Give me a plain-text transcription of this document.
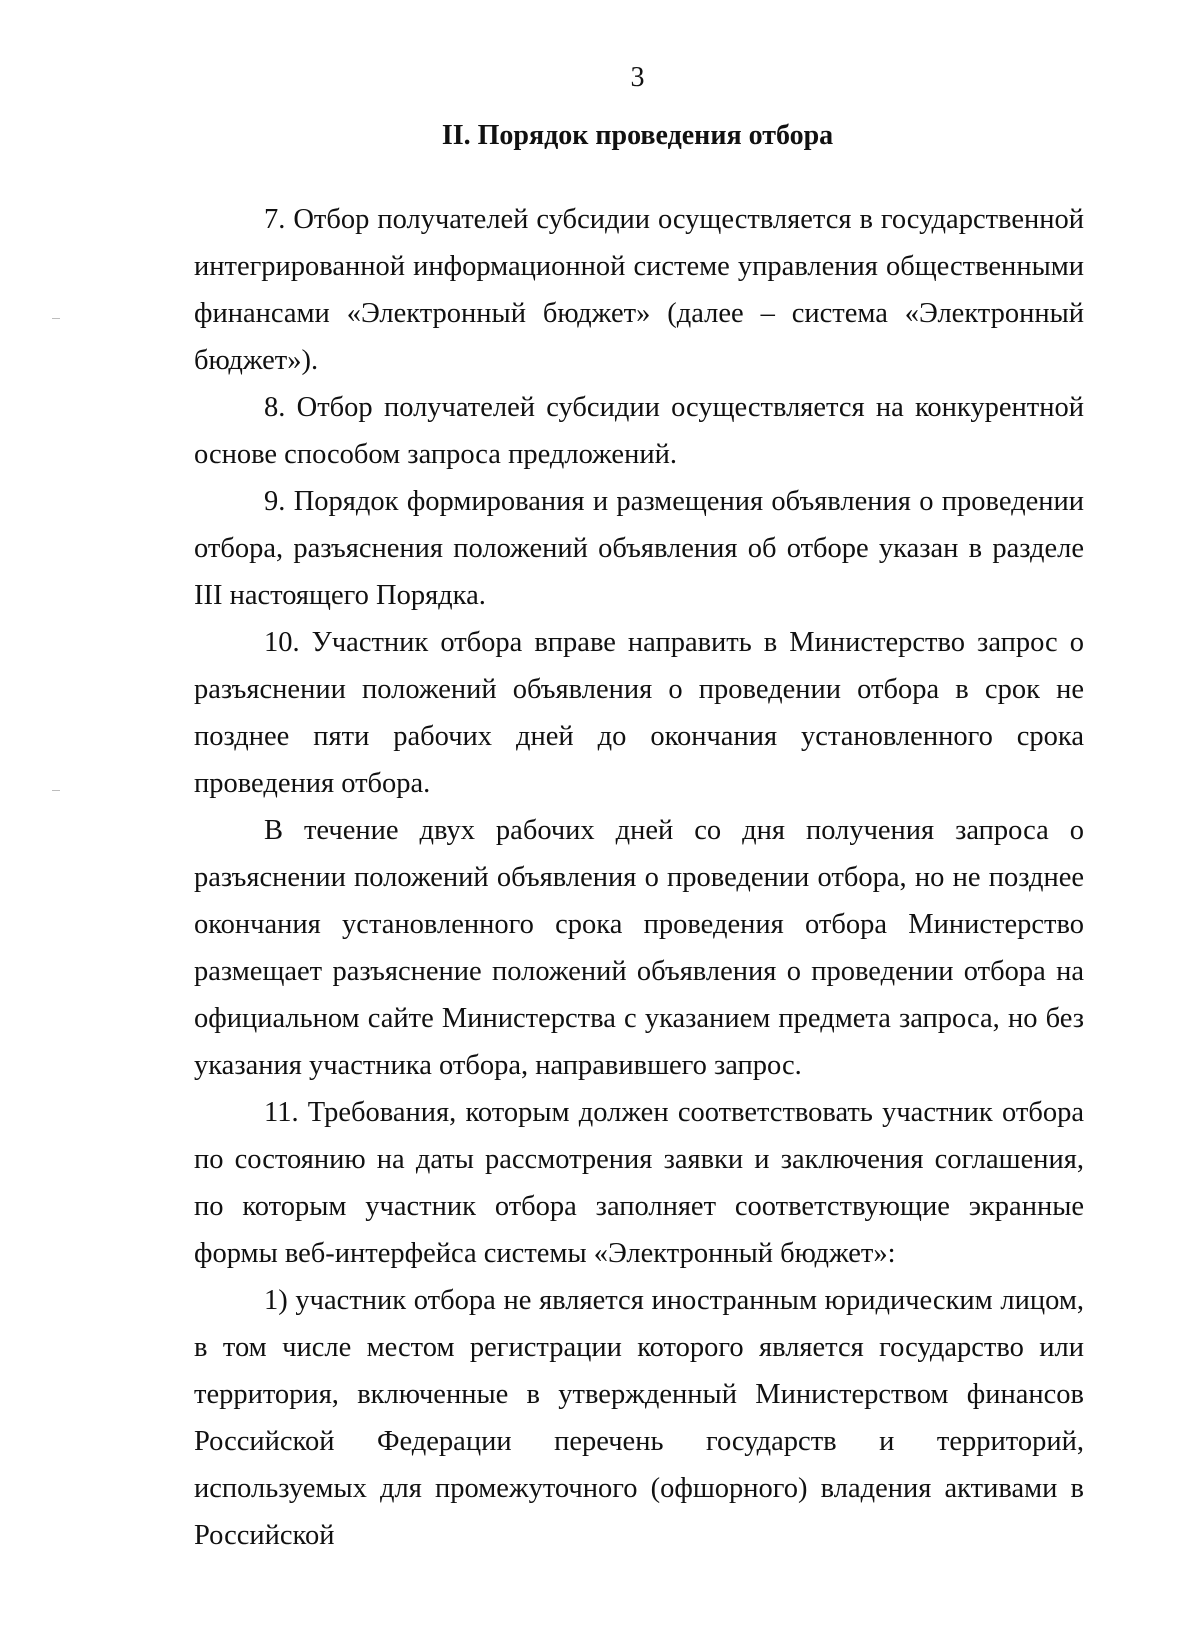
3
II. Порядок проведения отбора

7. Отбор получателей субсидии осуществляется в государственной интегрированной информационной системе управления общественными финансами «Электронный бюджет» (далее – система «Электронный бюджет»).

8. Отбор получателей субсидии осуществляется на конкурентной основе способом запроса предложений.

9. Порядок формирования и размещения объявления о проведении отбора, разъяснения положений объявления об отборе указан в разделе III настоящего Порядка.

10. Участник отбора вправе направить в Министерство запрос о разъяснении положений объявления о проведении отбора в срок не позднее пяти рабочих дней до окончания установленного срока проведения отбора.

В течение двух рабочих дней со дня получения запроса о разъяснении положений объявления о проведении отбора, но не позднее окончания установленного срока проведения отбора Министерство размещает разъяснение положений объявления о проведении отбора на официальном сайте Министерства с указанием предмета запроса, но без указания участника отбора, направившего запрос.

11. Требования, которым должен соответствовать участник отбора по состоянию на даты рассмотрения заявки и заключения соглашения, по которым участник отбора заполняет соответствующие экранные формы веб-интерфейса системы «Электронный бюджет»:

1) участник отбора не является иностранным юридическим лицом, в том числе местом регистрации которого является государство или территория, включенные в утвержденный Министерством финансов Российской Федерации перечень государств и территорий, используемых для промежуточного (офшорного) владения активами в Российской
